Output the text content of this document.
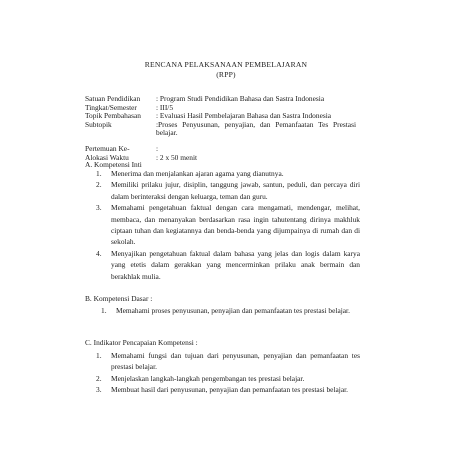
RENCANA PELAKSANAAN PEMBELAJARAN
(RPP)
Satuan Pendidikan	: Program Studi Pendidikan Bahasa dan Sastra Indonesia
Tingkat/Semester	: III/5
Topik Pembahasan	: Evaluasi Hasil Pembelajaran Bahasa dan Sastra Indonesia
Subtopik	:Proses Penyusunan, penyajian, dan Pemanfaatan Tes Prestasi belajar.
Pertemuan Ke-	:
Alokasi Waktu	: 2 x 50 menit
A. Kompetensi Inti
1.	Menerima dan menjalankan ajaran agama yang dianutnya.
2.	Memiliki prilaku jujur, disiplin, tanggung jawab, santun, peduli, dan percaya diri dalam berinteraksi dengan keluarga, teman dan guru.
3.	Memahami pengetahuan faktual dengan cara mengamati, mendengar, melihat, membaca, dan menanyakan berdasarkan rasa ingin tahutentang dirinya makhluk ciptaan tuhan dan kegiatannya dan benda-benda yang dijumpainya di rumah dan di sekolah.
4.	Menyajikan pengetahuan faktual dalam bahasa yang jelas dan logis dalam karya yang etetis dalam gerakkan yang mencerminkan prilaku anak bermain dan berakhlak mulia.
B. Kompetensi Dasar :
1.	Memahami proses penyusunan, penyajian dan pemanfaatan tes prestasi belajar.
C. Indikator Pencapaian Kompetensi :
1.	Memahami fungsi dan tujuan dari penyusunan, penyajian dan pemanfaatan tes prestasi belajar.
2.	Menjelaskan langkah-langkah pengembangan tes prestasi belajar.
3.	Membuat hasil dari penyusunan, penyajian dan pemanfaatan tes prestasi belajar.
